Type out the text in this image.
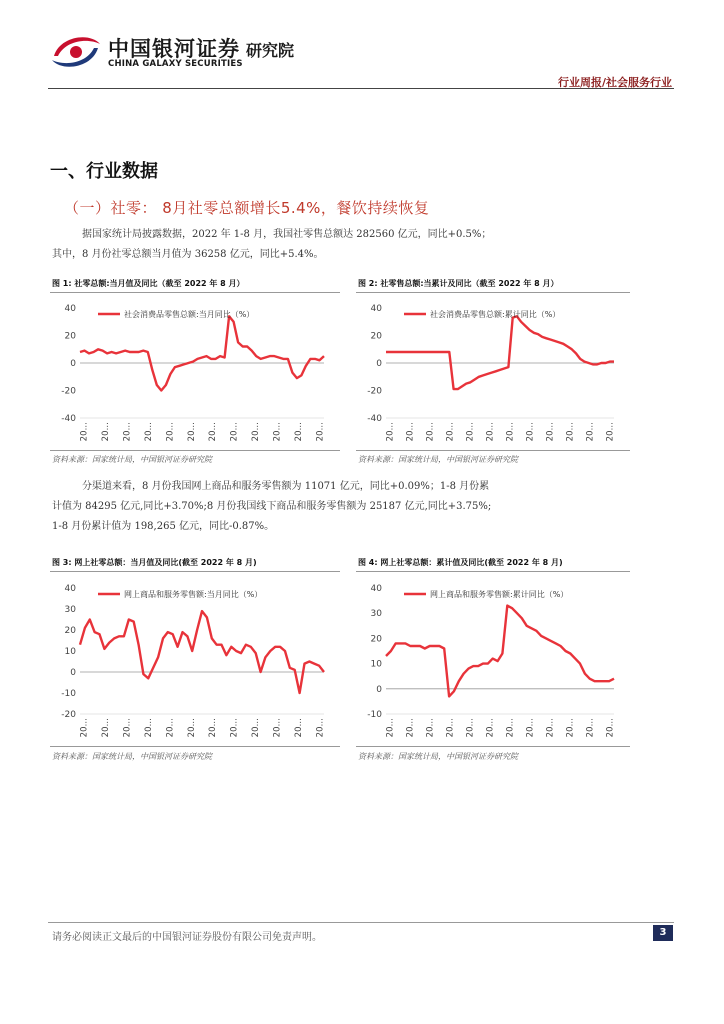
中国银河证券
CHINA GALAXY SECURITIES
研究院
行业周报/社会服务行业
一、行业数据
（一）社零： 8月社零总额增长5.4%，餐饮持续恢复
据国家统计局披露数据，2022 年 1-8 月，我国社零售总额达 282560 亿元，同比+0.5%；
其中，8 月份社零总额当月值为 36258 亿元，同比+5.4%。
图 1: 社零总额:当月值及同比（截至 2022 年 8 月）	图 2: 社零售总额:当累计及同比（截至 2022 年 8 月）
-40
-20
0
20
40
20… 20… 20… 20… 20… 20… 20… 20… 20… 20… 20… 20…
社会消费品零售总额:当月同比（%）
-40
-20
0
20
40
20… 20… 20… 20… 20… 20… 20… 20… 20… 20… 20… 20…
社会消费品零售总额:累计同比（%）
资料来源：国家统计局，中国银河证券研究院	资料来源：国家统计局，中国银河证券研究院
分渠道来看，8 月份我国网上商品和服务零售额为 11071 亿元，同比+0.09%；1-8 月份累
计值为 84295 亿元,同比+3.70%;8 月份我国线下商品和服务零售额为 25187 亿元,同比+3.75%;
1-8 月份累计值为 198,265 亿元，同比-0.87%。
图 3: 网上社零总额：当月值及同比(截至 2022 年 8 月)	图 4: 网上社零总额：累计值及同比(截至 2022 年 8 月)
-20
-10
0
10
20
30
40
20… 20… 20… 20… 20… 20… 20… 20… 20… 20… 20… 20…
网上商品和服务零售额:当月同比（%）
-10
0
10
20
30
40
20… 20… 20… 20… 20… 20… 20… 20… 20… 20… 20… 20…
网上商品和服务零售额:累计同比（%）
资料来源：国家统计局，中国银河证券研究院	资料来源：国家统计局，中国银河证券研究院
请务必阅读正文最后的中国银河证券股份有限公司免责声明。	3
